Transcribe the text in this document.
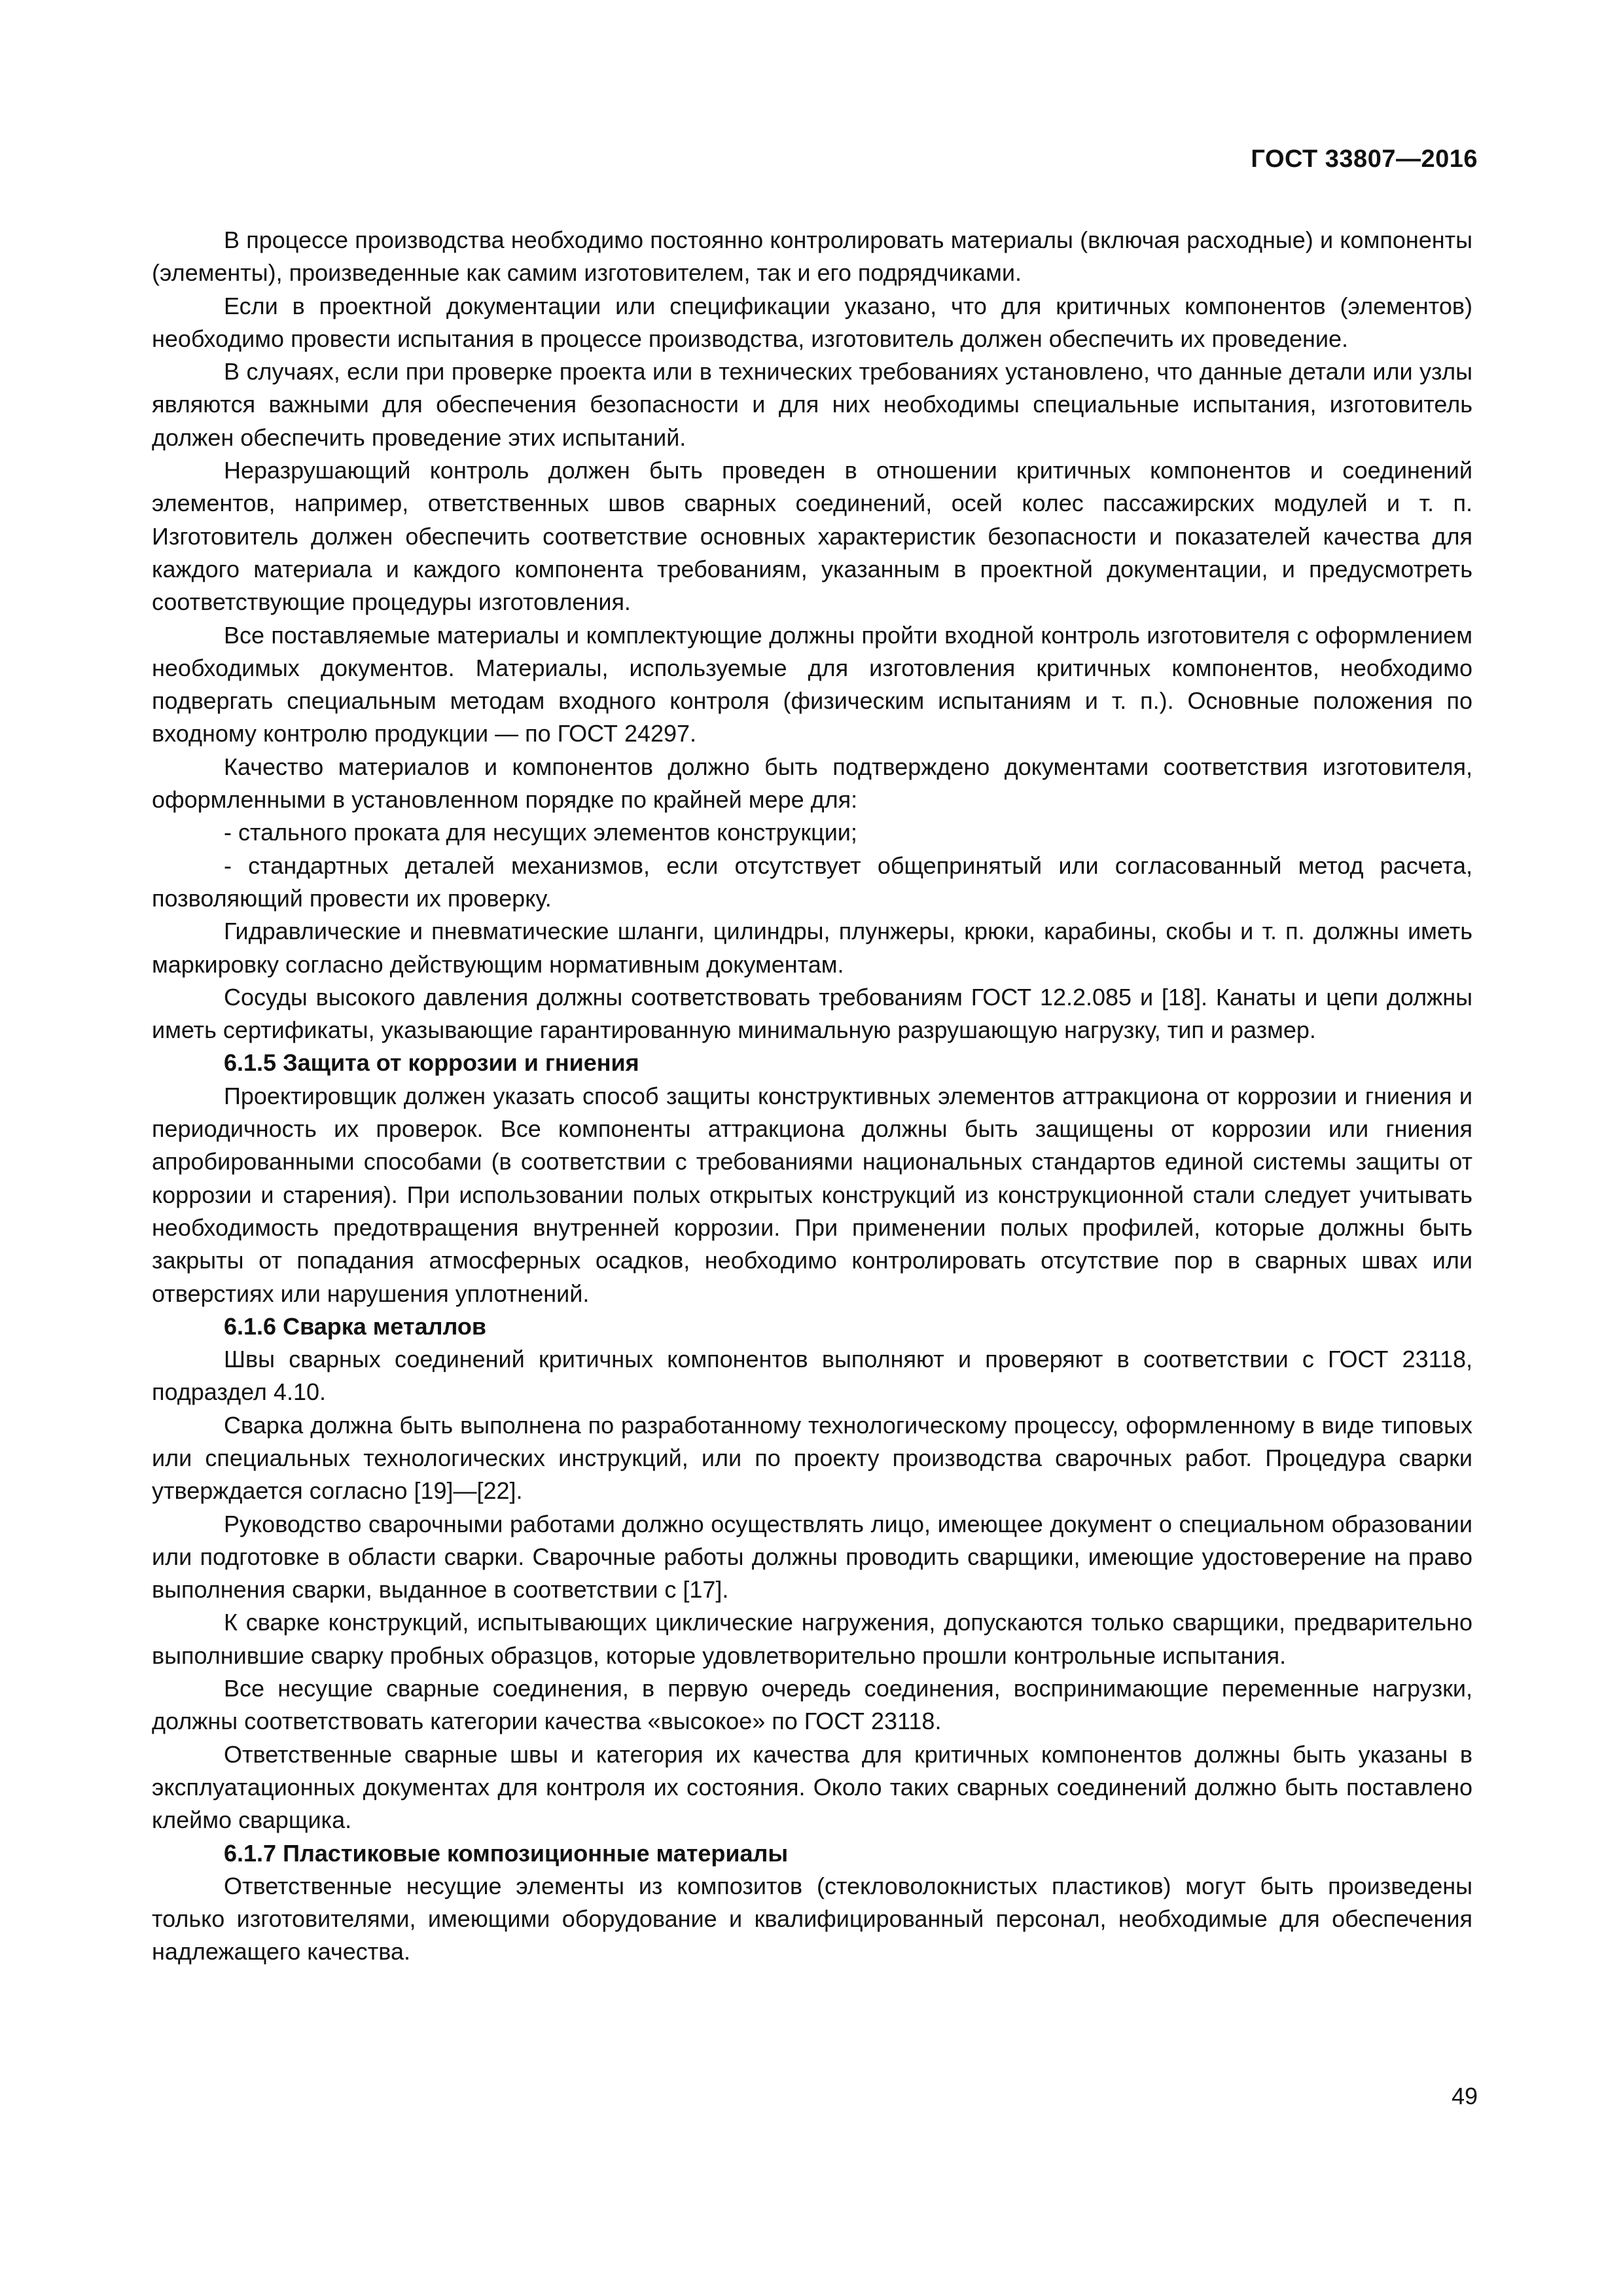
ГОСТ 33807—2016

В процессе производства необходимо постоянно контролировать материалы (включая расходные) и компоненты (элементы), произведенные как самим изготовителем, так и его подрядчиками.

Если в проектной документации или спецификации указано, что для критичных компонентов (элементов) необходимо провести испытания в процессе производства, изготовитель должен обеспечить их проведение.

В случаях, если при проверке проекта или в технических требованиях установлено, что данные детали или узлы являются важными для обеспечения безопасности и для них необходимы специальные испытания, изготовитель должен обеспечить проведение этих испытаний.

Неразрушающий контроль должен быть проведен в отношении критичных компонентов и соединений элементов, например, ответственных швов сварных соединений, осей колес пассажирских модулей и т. п. Изготовитель должен обеспечить соответствие основных характеристик безопасности и показателей качества для каждого материала и каждого компонента требованиям, указанным в проектной документации, и предусмотреть соответствующие процедуры изготовления.

Все поставляемые материалы и комплектующие должны пройти входной контроль изготовителя с оформлением необходимых документов. Материалы, используемые для изготовления критичных компонентов, необходимо подвергать специальным методам входного контроля (физическим испытаниям и т. п.). Основные положения по входному контролю продукции — по ГОСТ 24297.

Качество материалов и компонентов должно быть подтверждено документами соответствия изготовителя, оформленными в установленном порядке по крайней мере для:

- стального проката для несущих элементов конструкции;

- стандартных деталей механизмов, если отсутствует общепринятый или согласованный метод расчета, позволяющий провести их проверку.

Гидравлические и пневматические шланги, цилиндры, плунжеры, крюки, карабины, скобы и т. п. должны иметь маркировку согласно действующим нормативным документам.

Сосуды высокого давления должны соответствовать требованиям ГОСТ 12.2.085 и [18]. Канаты и цепи должны иметь сертификаты, указывающие гарантированную минимальную разрушающую нагрузку, тип и размер.

6.1.5 Защита от коррозии и гниения

Проектировщик должен указать способ защиты конструктивных элементов аттракциона от коррозии и гниения и периодичность их проверок. Все компоненты аттракциона должны быть защищены от коррозии или гниения апробированными способами (в соответствии с требованиями национальных стандартов единой системы защиты от коррозии и старения). При использовании полых открытых конструкций из конструкционной стали следует учитывать необходимость предотвращения внутренней коррозии. При применении полых профилей, которые должны быть закрыты от попадания атмосферных осадков, необходимо контролировать отсутствие пор в сварных швах или отверстиях или нарушения уплотнений.

6.1.6 Сварка металлов

Швы сварных соединений критичных компонентов выполняют и проверяют в соответствии с ГОСТ 23118, подраздел 4.10.

Сварка должна быть выполнена по разработанному технологическому процессу, оформленному в виде типовых или специальных технологических инструкций, или по проекту производства сварочных работ. Процедура сварки утверждается согласно [19]—[22].

Руководство сварочными работами должно осуществлять лицо, имеющее документ о специальном образовании или подготовке в области сварки. Сварочные работы должны проводить сварщики, имеющие удостоверение на право выполнения сварки, выданное в соответствии с [17].

К сварке конструкций, испытывающих циклические нагружения, допускаются только сварщики, предварительно выполнившие сварку пробных образцов, которые удовлетворительно прошли контрольные испытания.

Все несущие сварные соединения, в первую очередь соединения, воспринимающие переменные нагрузки, должны соответствовать категории качества «высокое» по ГОСТ 23118.

Ответственные сварные швы и категория их качества для критичных компонентов должны быть указаны в эксплуатационных документах для контроля их состояния. Около таких сварных соединений должно быть поставлено клеймо сварщика.

6.1.7 Пластиковые композиционные материалы

Ответственные несущие элементы из композитов (стекловолокнистых пластиков) могут быть произведены только изготовителями, имеющими оборудование и квалифицированный персонал, необходимые для обеспечения надлежащего качества.

49
